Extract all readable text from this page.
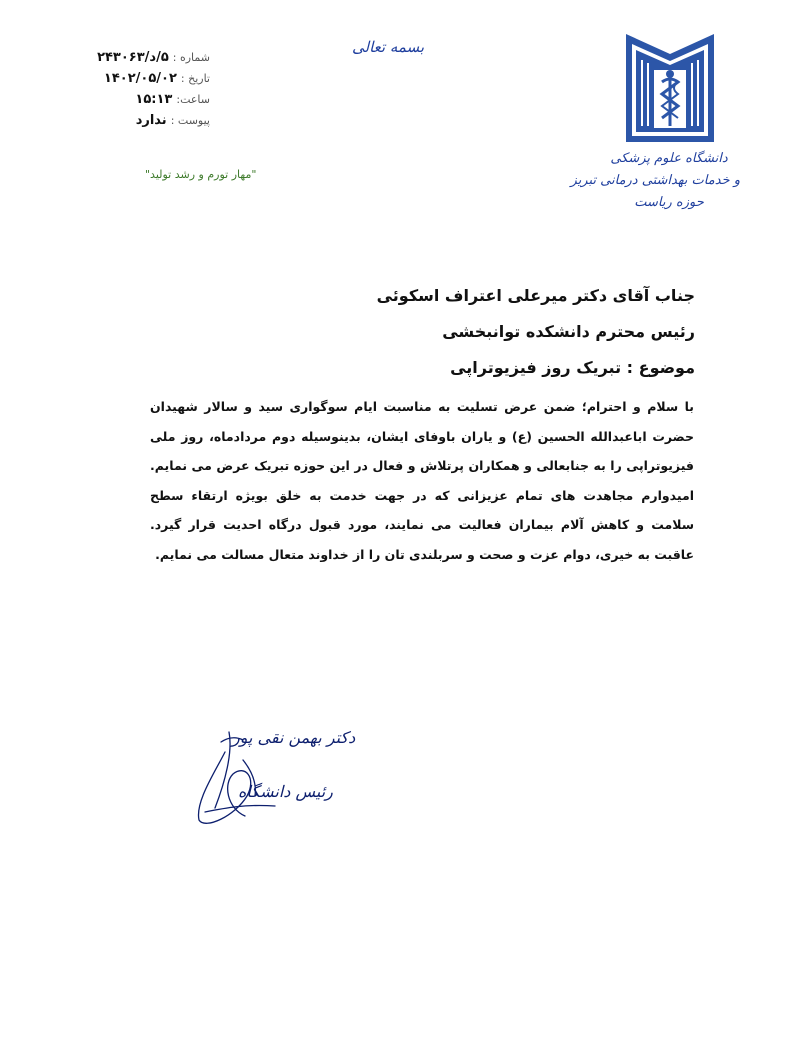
بسمه تعالی
شماره :
۵/د/۲۴۳۰۶۳
تاریخ :
۱۴۰۲/۰۵/۰۲
ساعت:
۱۵:۱۳
پیوست :
ندارد
"مهار تورم و رشد تولید"
دانشگاه علوم پزشکی
و خدمات بهداشتی درمانی تبریز
حوزه ریاست
جناب آقای دکتر میرعلی اعتراف اسکوئی
رئیس محترم دانشکده توانبخشی
موضوع : تبریک روز فیزیوتراپی
با سلام و احترام؛ ضمن عرض تسلیت به مناسبت ایام سوگواری سید و سالار شهیدان حضرت اباعبدالله الحسین (ع) و یاران باوفای ایشان، بدینوسیله دوم مردادماه، روز ملی فیزیوتراپی را به جنابعالی و همکاران پرتلاش و فعال در این حوزه تبریک عرض می نمایم. امیدوارم مجاهدت های تمام عزیزانی که در جهت خدمت به خلق بویژه ارتقاء سطح سلامت و کاهش آلام بیماران فعالیت می نمایند، مورد قبول درگاه احدیت قرار گیرد. عاقبت به خیری، دوام عزت و صحت و سربلندی تان را از خداوند متعال مسالت می نمایم.
دکتر بهمن نقی پور
رئیس دانشگاه
